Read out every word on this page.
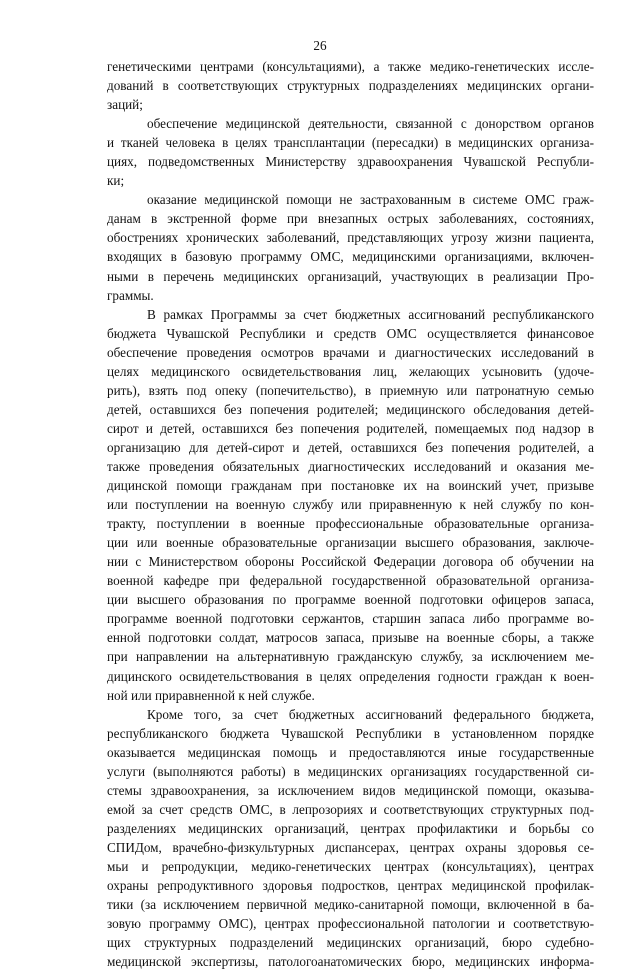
26
генетическими центрами (консультациями), а также медико-генетических иссле-
дований в соответствующих структурных подразделениях медицинских органи-
заций;
обеспечение медицинской деятельности, связанной с донорством органов
и тканей человека в целях трансплантации (пересадки) в медицинских организа-
циях, подведомственных Министерству здравоохранения Чувашской Республи-
ки;
оказание медицинской помощи не застрахованным в системе ОМС граж-
данам в экстренной форме при внезапных острых заболеваниях, состояниях,
обострениях хронических заболеваний, представляющих угрозу жизни пациента,
входящих в базовую программу ОМС, медицинскими организациями, включен-
ными в перечень медицинских организаций, участвующих в реализации Про-
граммы.
В рамках Программы за счет бюджетных ассигнований республиканского
бюджета Чувашской Республики и средств ОМС осуществляется финансовое
обеспечение проведения осмотров врачами и диагностических исследований в
целях медицинского освидетельствования лиц, желающих усыновить (удоче-
рить), взять под опеку (попечительство), в приемную или патронатную семью
детей, оставшихся без попечения родителей; медицинского обследования детей-
сирот и детей, оставшихся без попечения родителей, помещаемых под надзор в
организацию для детей-сирот и детей, оставшихся без попечения родителей, а
также проведения обязательных диагностических исследований и оказания ме-
дицинской помощи гражданам при постановке их на воинский учет, призыве
или поступлении на военную службу или приравненную к ней службу по кон-
тракту, поступлении в военные профессиональные образовательные организа-
ции или военные образовательные организации высшего образования, заключе-
нии с Министерством обороны Российской Федерации договора об обучении на
военной кафедре при федеральной государственной образовательной организа-
ции высшего образования по программе военной подготовки офицеров запаса,
программе военной подготовки сержантов, старшин запаса либо программе во-
енной подготовки солдат, матросов запаса, призыве на военные сборы, а также
при направлении на альтернативную гражданскую службу, за исключением ме-
дицинского освидетельствования в целях определения годности граждан к воен-
ной или приравненной к ней службе.
Кроме того, за счет бюджетных ассигнований федерального бюджета,
республиканского бюджета Чувашской Республики в установленном порядке
оказывается медицинская помощь и предоставляются иные государственные
услуги (выполняются работы) в медицинских организациях государственной си-
стемы здравоохранения, за исключением видов медицинской помощи, оказыва-
емой за счет средств ОМС, в лепрозориях и соответствующих структурных под-
разделениях медицинских организаций, центрах профилактики и борьбы со
СПИДом, врачебно-физкультурных диспансерах, центрах охраны здоровья се-
мьи и репродукции, медико-генетических центрах (консультациях), центрах
охраны репродуктивного здоровья подростков, центрах медицинской профилак-
тики (за исключением первичной медико-санитарной помощи, включенной в ба-
зовую программу ОМС), центрах профессиональной патологии и соответствую-
щих структурных подразделений медицинских организаций, бюро судебно-
медицинской экспертизы, патологоанатомических бюро, медицинских информа-
